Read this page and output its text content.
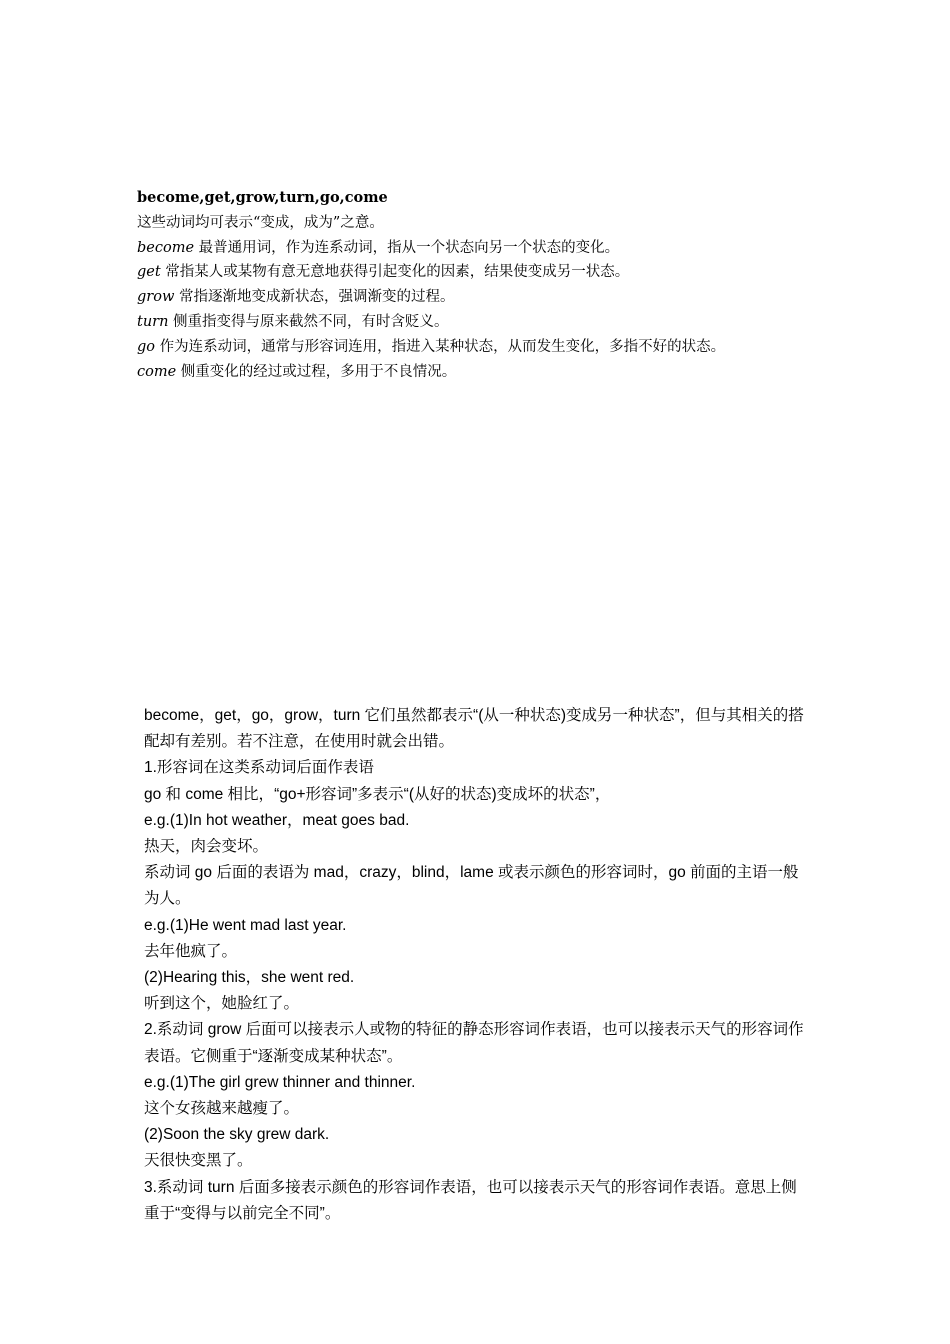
become,get,grow,turn,go,come
这些动词均可表示“变成，成为”之意。
become 最普通用词，作为连系动词，指从一个状态向另一个状态的变化。
get 常指某人或某物有意无意地获得引起变化的因素，结果使变成另一状态。
grow 常指逐渐地变成新状态，强调渐变的过程。
turn 侧重指变得与原来截然不同，有时含贬义。
go 作为连系动词，通常与形容词连用，指进入某种状态，从而发生变化，多指不好的状态。
come 侧重变化的经过或过程，多用于不良情况。

become，get，go，grow，turn 它们虽然都表示“(从一种状态)变成另一种状态”，但与其相关的搭配却有差别。若不注意，在使用时就会出错。

1.形容词在这类系动词后面作表语

go 和 come 相比，“go+形容词”多表示“(从好的状态)变成坏的状态”，

e.g.(1)In hot weather，meat goes bad.

热天，肉会变坏。

系动词 go 后面的表语为 mad，crazy，blind，lame 或表示颜色的形容词时，go 前面的主语一般为人。

e.g.(1)He went mad last year.

去年他疯了。

(2)Hearing this，she went red.

听到这个，她脸红了。

2.系动词 grow 后面可以接表示人或物的特征的静态形容词作表语，也可以接表示天气的形容词作表语。它侧重于“逐渐变成某种状态”。

e.g.(1)The girl grew thinner and thinner.

这个女孩越来越瘦了。

(2)Soon the sky grew dark.

天很快变黑了。

3.系动词 turn 后面多接表示颜色的形容词作表语，也可以接表示天气的形容词作表语。意思上侧重于“变得与以前完全不同”。
